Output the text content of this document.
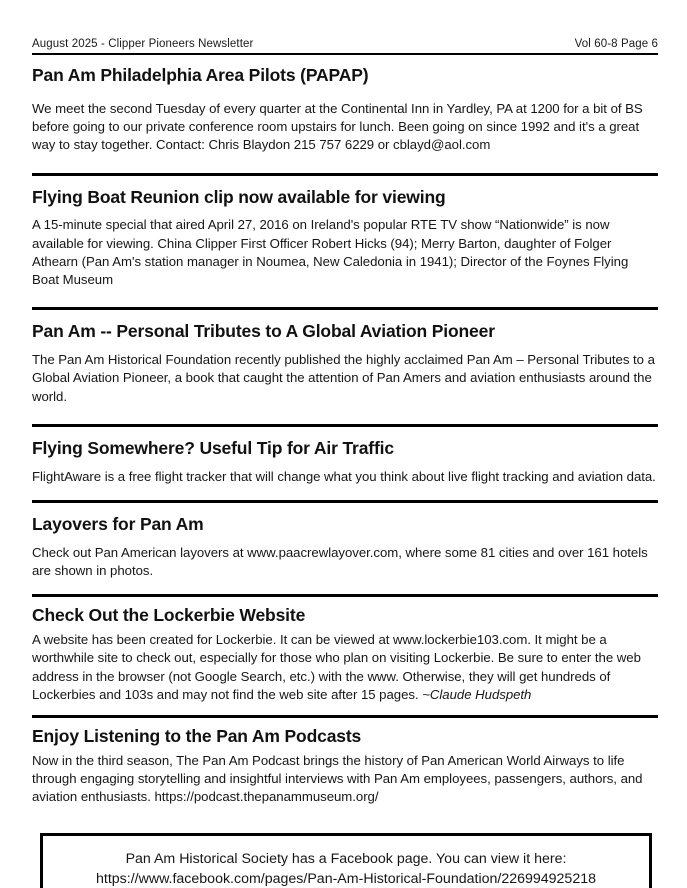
August 2025 - Clipper Pioneers Newsletter	Vol 60-8 Page 6
Pan Am Philadelphia Area Pilots (PAPAP)

We meet the second Tuesday of every quarter at the Continental Inn in Yardley, PA at 1200 for a bit of BS before going to our private conference room upstairs for lunch. Been going on since 1992 and it's a great way to stay together. Contact: Chris Blaydon 215 757 6229 or cblayd@aol.com

Flying Boat Reunion clip now available for viewing

A 15-minute special that aired April 27, 2016 on Ireland's popular RTE TV show “Nationwide” is now available for viewing. China Clipper First Officer Robert Hicks (94); Merry Barton, daughter of Folger Athearn (Pan Am's station manager in Noumea, New Caledonia in 1941); Director of the Foynes Flying Boat Museum

Pan Am -- Personal Tributes to A Global Aviation Pioneer

The Pan Am Historical Foundation recently published the highly acclaimed Pan Am – Personal Tributes to a Global Aviation Pioneer, a book that caught the attention of Pan Amers and aviation enthusiasts around the world.

Flying Somewhere? Useful Tip for Air Traffic

FlightAware is a free flight tracker that will change what you think about live flight tracking and aviation data.

Layovers for Pan Am

Check out Pan American layovers at www.paacrewlayover.com, where some 81 cities and over 161 hotels are shown in photos.

Check Out the Lockerbie Website

A website has been created for Lockerbie. It can be viewed at www.lockerbie103.com. It might be a worthwhile site to check out, especially for those who plan on visiting Lockerbie. Be sure to enter the web address in the browser (not Google Search, etc.) with the www. Otherwise, they will get hundreds of Lockerbies and 103s and may not find the web site after 15 pages. ~Claude Hudspeth

Enjoy Listening to the Pan Am Podcasts

Now in the third season, The Pan Am Podcast brings the history of Pan American World Airways to life through engaging storytelling and insightful interviews with Pan Am employees, passengers, authors, and aviation enthusiasts. https://podcast.thepanammuseum.org/

Pan Am Historical Society has a Facebook page. You can view it here:
https://www.facebook.com/pages/Pan-Am-Historical-Foundation/226994925218
